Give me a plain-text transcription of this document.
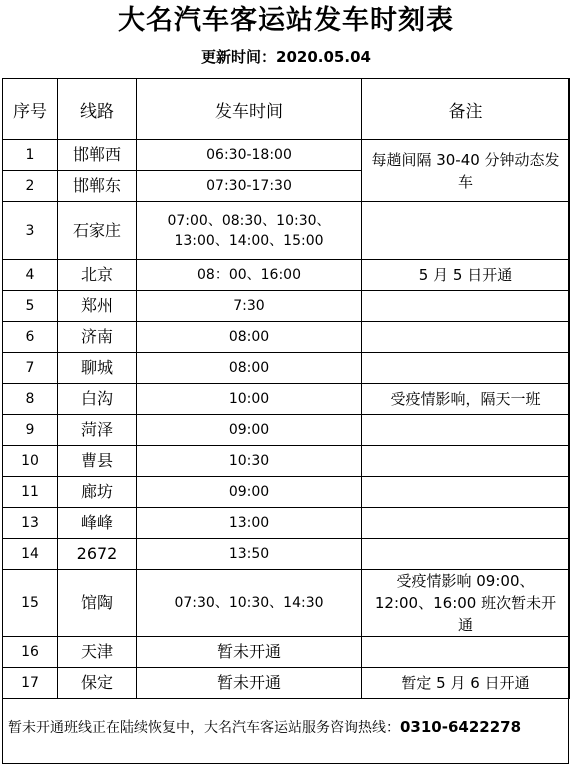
大名汽车客运站发车时刻表
更新时间：2020.05.04
序号	线路	发车时间	备注
1	邯郸西	06:30-18:00	每趟间隔 30-40 分钟动态发车
2	邯郸东	07:30-17:30	
3	石家庄	07:00、08:30、10:30、13:00、14:00、15:00	
4	北京	08：00、16:00	5 月 5 日开通
5	郑州	7:30	
6	济南	08:00	
7	聊城	08:00	
8	白沟	10:00	受疫情影响，隔天一班
9	菏泽	09:00	
10	曹县	10:30	
11	廊坊	09:00	
13	峰峰	13:00	
14	2672	13:50	
15	馆陶	07:30、10:30、14:30	受疫情影响 09:00、12:00、16:00 班次暂未开通
16	天津	暂未开通	
17	保定	暂未开通	暂定 5 月 6 日开通
暂未开通班线正在陆续恢复中，大名汽车客运站服务咨询热线：0310-6422278
